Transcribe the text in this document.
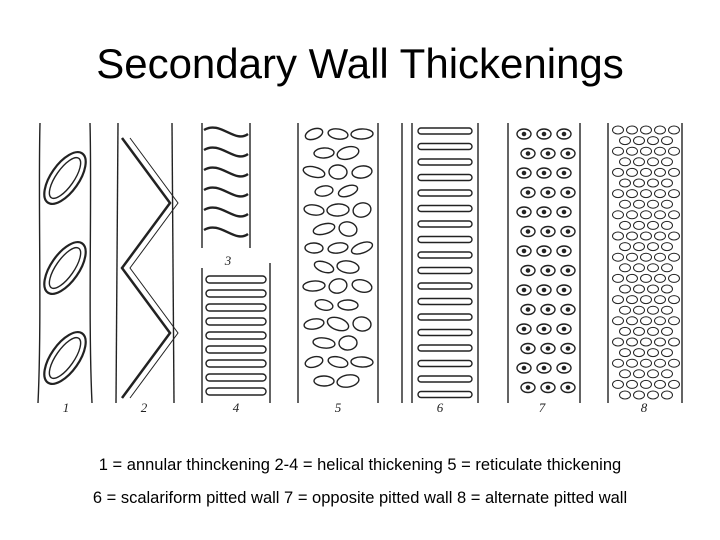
Secondary Wall Thickenings
1	2
3
4	5	6	7	8
1 = annular thinckening 2-4 = helical thickening 5 = reticulate thickening
6 = scalariform pitted wall 7 = opposite pitted wall 8 = alternate pitted wall
